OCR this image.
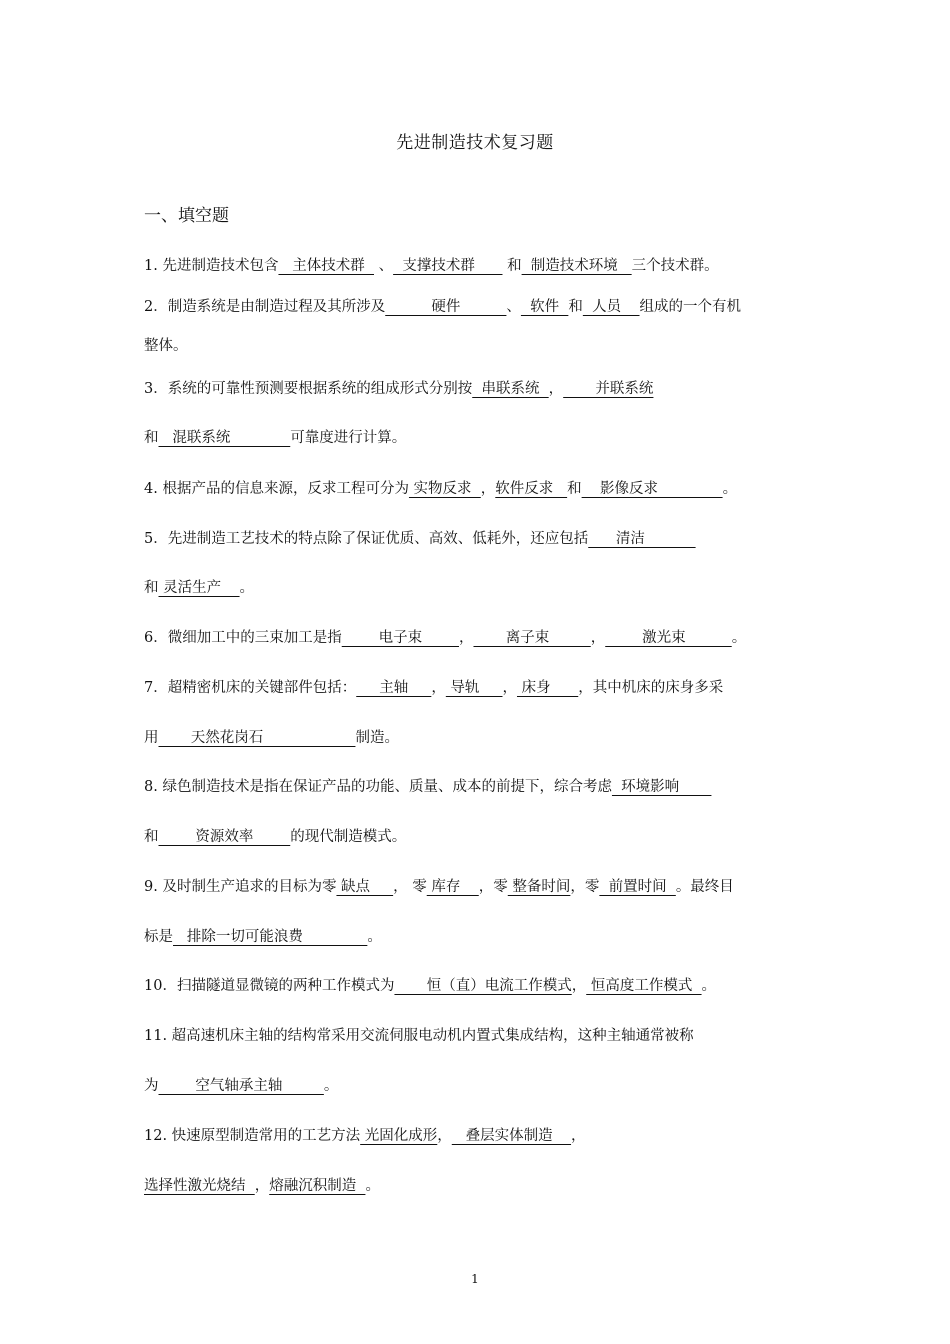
先进制造技术复习题
一、填空题
1. 先进制造技术包含   主体技术群   、  支撑技术群       和  制造技术环境   三个技术群。
2．制造系统是由制造过程及其所涉及          硬件          、  软件  和  人员    组成的一个有机
整体。
3．系统的可靠性预测要根据系统的组成形式分别按  串联系统  ，       并联系统
和   混联系统             可靠度进行计算。
4. 根据产品的信息来源，反求工程可分为 实物反求  ，软件反求   和    影像反求              。
5．先进制造工艺技术的特点除了保证优质、高效、低耗外，还应包括      清洁
和 灵活生产    。
6．微细加工中的三束加工是指        电子束        ，       离子束         ，        激光束          。
7．超精密机床的关键部件包括：     主轴     ， 导轨     ， 床身      ，其中机床的床身多采
用       天然花岗石                    制造。
8. 绿色制造技术是指在保证产品的功能、质量、成本的前提下，综合考虑  环境影响
和        资源效率        的现代制造模式。
9. 及时制生产追求的目标为零 缺点     ， 零 库存    ，零 整备时间，零  前置时间  。最终目
标是   排除一切可能浪费              。
10．扫描隧道显微镜的两种工作模式为       恒（直）电流工作模式， 恒高度工作模式  。
11. 超高速机床主轴的结构常采用交流伺服电动机内置式集成结构，这种主轴通常被称
为        空气轴承主轴         。
12. 快速原型制造常用的工艺方法 光固化成形，   叠层实体制造    ，
选择性激光烧结  ，熔融沉积制造  。
1
